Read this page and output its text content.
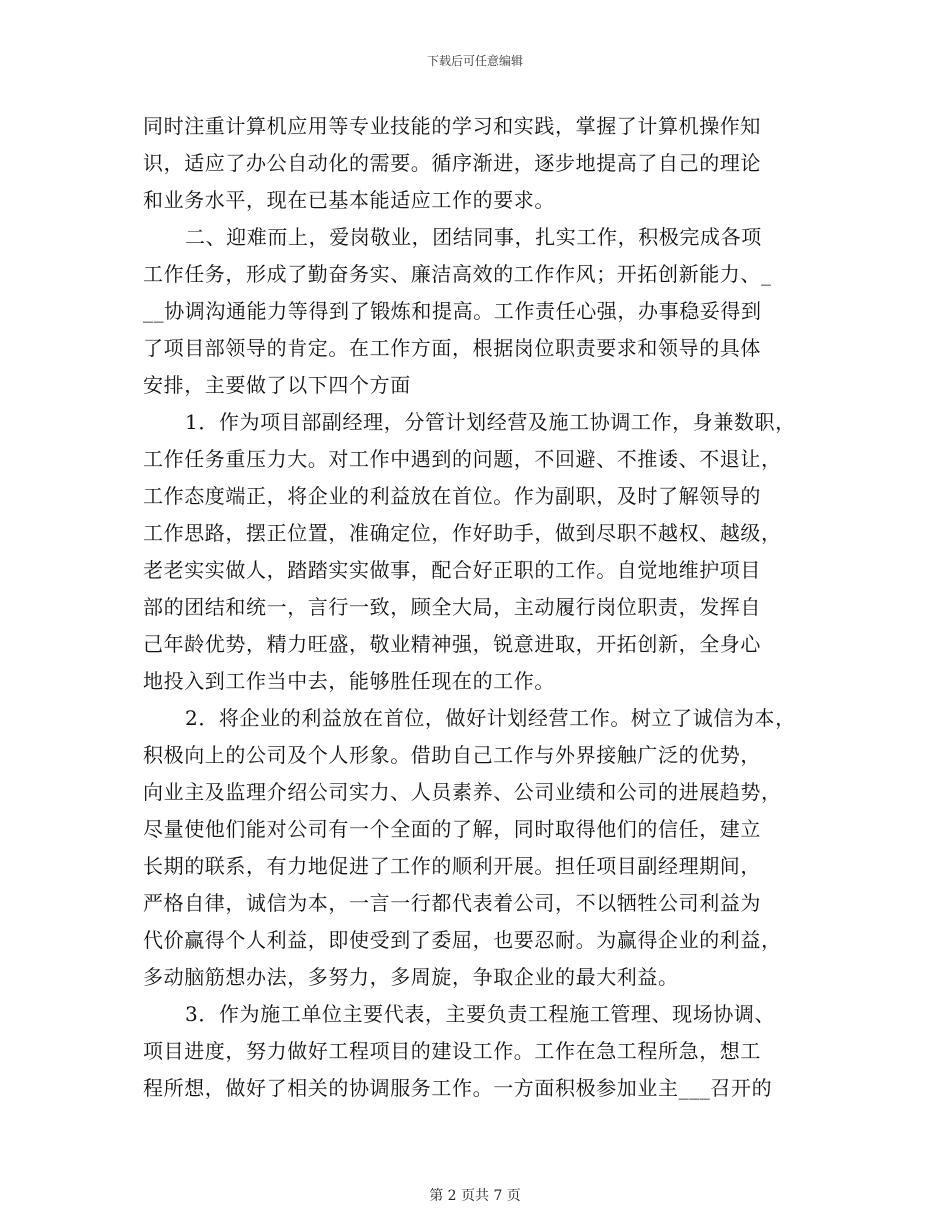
下载后可任意编辑
同时注重计算机应用等专业技能的学习和实践，掌握了计算机操作知
识，适应了办公自动化的需要。循序渐进，逐步地提高了自己的理论
和业务水平，现在已基本能适应工作的要求。
二、迎难而上，爱岗敬业，团结同事，扎实工作，积极完成各项
工作任务，形成了勤奋务实、廉洁高效的工作作风；开拓创新能力、_
__协调沟通能力等得到了锻炼和提高。工作责任心强，办事稳妥得到
了项目部领导的肯定。在工作方面，根据岗位职责要求和领导的具体
安排，主要做了以下四个方面
1．作为项目部副经理，分管计划经营及施工协调工作，身兼数职，
工作任务重压力大。对工作中遇到的问题，不回避、不推诿、不退让，
工作态度端正，将企业的利益放在首位。作为副职，及时了解领导的
工作思路，摆正位置，准确定位，作好助手，做到尽职不越权、越级，
老老实实做人，踏踏实实做事，配合好正职的工作。自觉地维护项目
部的团结和统一，言行一致，顾全大局，主动履行岗位职责，发挥自
己年龄优势，精力旺盛，敬业精神强，锐意进取，开拓创新，全身心
地投入到工作当中去，能够胜任现在的工作。
2．将企业的利益放在首位，做好计划经营工作。树立了诚信为本，
积极向上的公司及个人形象。借助自己工作与外界接触广泛的优势，
向业主及监理介绍公司实力、人员素养、公司业绩和公司的进展趋势，
尽量使他们能对公司有一个全面的了解，同时取得他们的信任，建立
长期的联系，有力地促进了工作的顺利开展。担任项目副经理期间，
严格自律，诚信为本，一言一行都代表着公司，不以牺牲公司利益为
代价赢得个人利益，即使受到了委屈，也要忍耐。为赢得企业的利益，
多动脑筋想办法，多努力，多周旋，争取企业的最大利益。
3．作为施工单位主要代表，主要负责工程施工管理、现场协调、
项目进度，努力做好工程项目的建设工作。工作在急工程所急，想工
程所想，做好了相关的协调服务工作。一方面积极参加业主___召开的
第 2 页共 7 页
